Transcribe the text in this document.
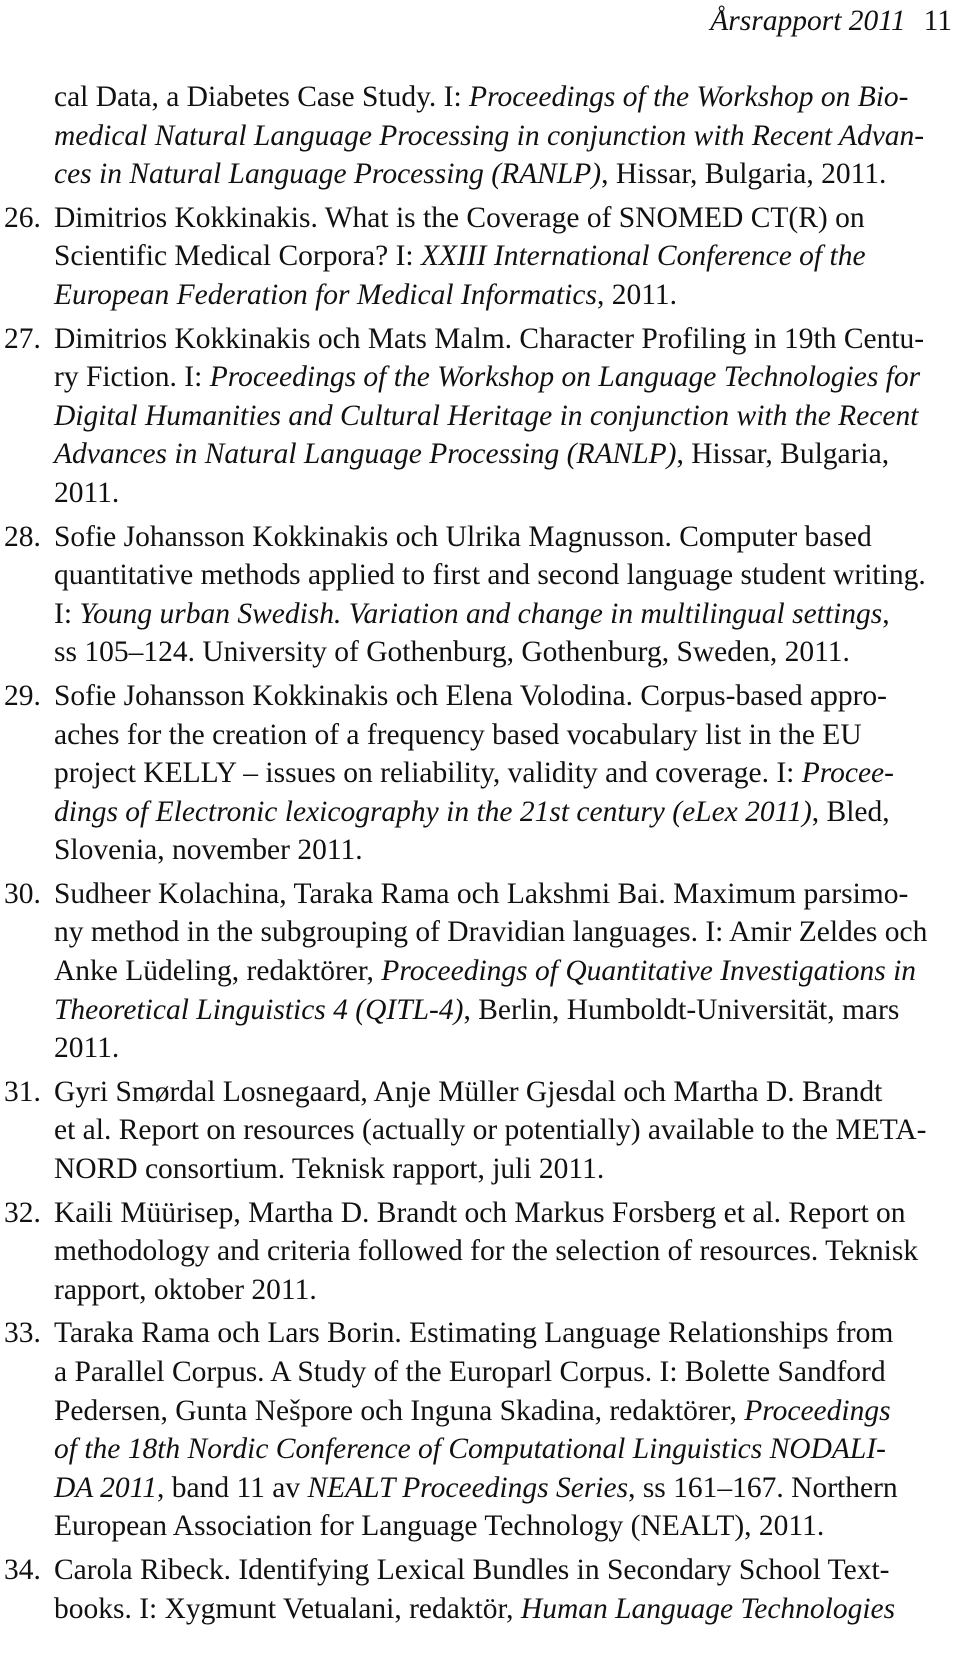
Årsrapport 2011 11
cal Data, a Diabetes Case Study. I: Proceedings of the Workshop on Bio-
medical Natural Language Processing in conjunction with Recent Advan-
ces in Natural Language Processing (RANLP), Hissar, Bulgaria, 2011.
26. Dimitrios Kokkinakis. What is the Coverage of SNOMED CT(R) on
Scientific Medical Corpora? I: XXIII International Conference of the
European Federation for Medical Informatics, 2011.
27. Dimitrios Kokkinakis och Mats Malm. Character Profiling in 19th Centu-
ry Fiction. I: Proceedings of the Workshop on Language Technologies for
Digital Humanities and Cultural Heritage in conjunction with the Recent
Advances in Natural Language Processing (RANLP), Hissar, Bulgaria,
2011.
28. Sofie Johansson Kokkinakis och Ulrika Magnusson. Computer based
quantitative methods applied to first and second language student writing.
I: Young urban Swedish. Variation and change in multilingual settings,
ss 105–124. University of Gothenburg, Gothenburg, Sweden, 2011.
29. Sofie Johansson Kokkinakis och Elena Volodina. Corpus-based appro-
aches for the creation of a frequency based vocabulary list in the EU
project KELLY – issues on reliability, validity and coverage. I: Procee-
dings of Electronic lexicography in the 21st century (eLex 2011), Bled,
Slovenia, november 2011.
30. Sudheer Kolachina, Taraka Rama och Lakshmi Bai. Maximum parsimo-
ny method in the subgrouping of Dravidian languages. I: Amir Zeldes och
Anke Lüdeling, redaktörer, Proceedings of Quantitative Investigations in
Theoretical Linguistics 4 (QITL-4), Berlin, Humboldt-Universität, mars
2011.
31. Gyri Smørdal Losnegaard, Anje Müller Gjesdal och Martha D. Brandt
et al. Report on resources (actually or potentially) available to the META-
NORD consortium. Teknisk rapport, juli 2011.
32. Kaili Müürisep, Martha D. Brandt och Markus Forsberg et al. Report on
methodology and criteria followed for the selection of resources. Teknisk
rapport, oktober 2011.
33. Taraka Rama och Lars Borin. Estimating Language Relationships from
a Parallel Corpus. A Study of the Europarl Corpus. I: Bolette Sandford
Pedersen, Gunta Nešpore och Inguna Skadina, redaktörer, Proceedings
of the 18th Nordic Conference of Computational Linguistics NODALI-
DA 2011, band 11 av NEALT Proceedings Series, ss 161–167. Northern
European Association for Language Technology (NEALT), 2011.
34. Carola Ribeck. Identifying Lexical Bundles in Secondary School Text-
books. I: Xygmunt Vetualani, redaktör, Human Language Technologies
